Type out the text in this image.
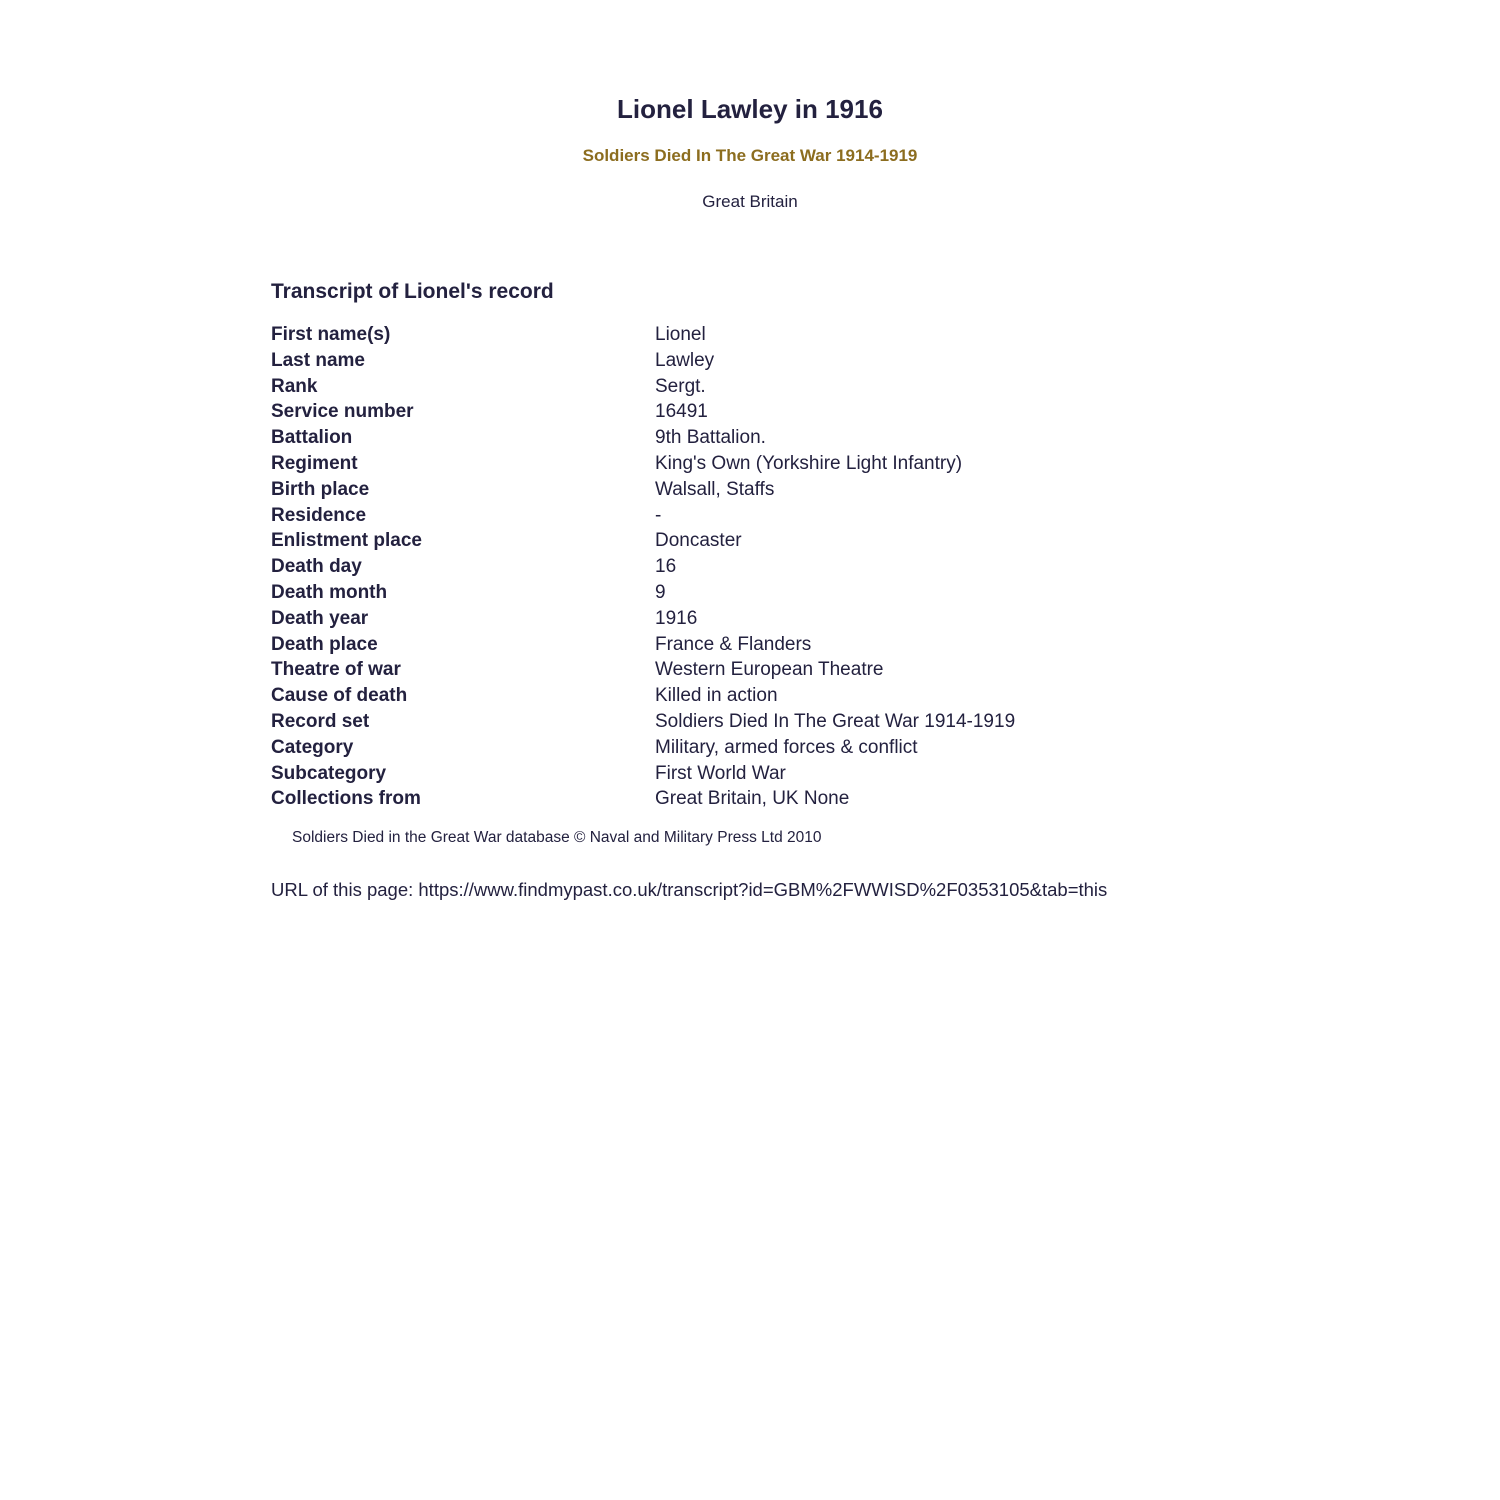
Lionel Lawley in 1916
Soldiers Died In The Great War 1914-1919

Great Britain

Transcript of Lionel's record
First name(s)	Lionel
Last name	Lawley
Rank	Sergt.
Service number	16491
Battalion	9th Battalion.
Regiment	King's Own (Yorkshire Light Infantry)
Birth place	Walsall, Staffs
Residence	-
Enlistment place	Doncaster
Death day	16
Death month	9
Death year	1916
Death place	France & Flanders
Theatre of war	Western European Theatre
Cause of death	Killed in action
Record set	Soldiers Died In The Great War 1914-1919
Category	Military, armed forces & conflict
Subcategory	First World War
Collections from	Great Britain, UK None

Soldiers Died in the Great War database © Naval and Military Press Ltd 2010

URL of this page: https://www.findmypast.co.uk/transcript?id=GBM%2FWWISD%2F0353105&tab=this
